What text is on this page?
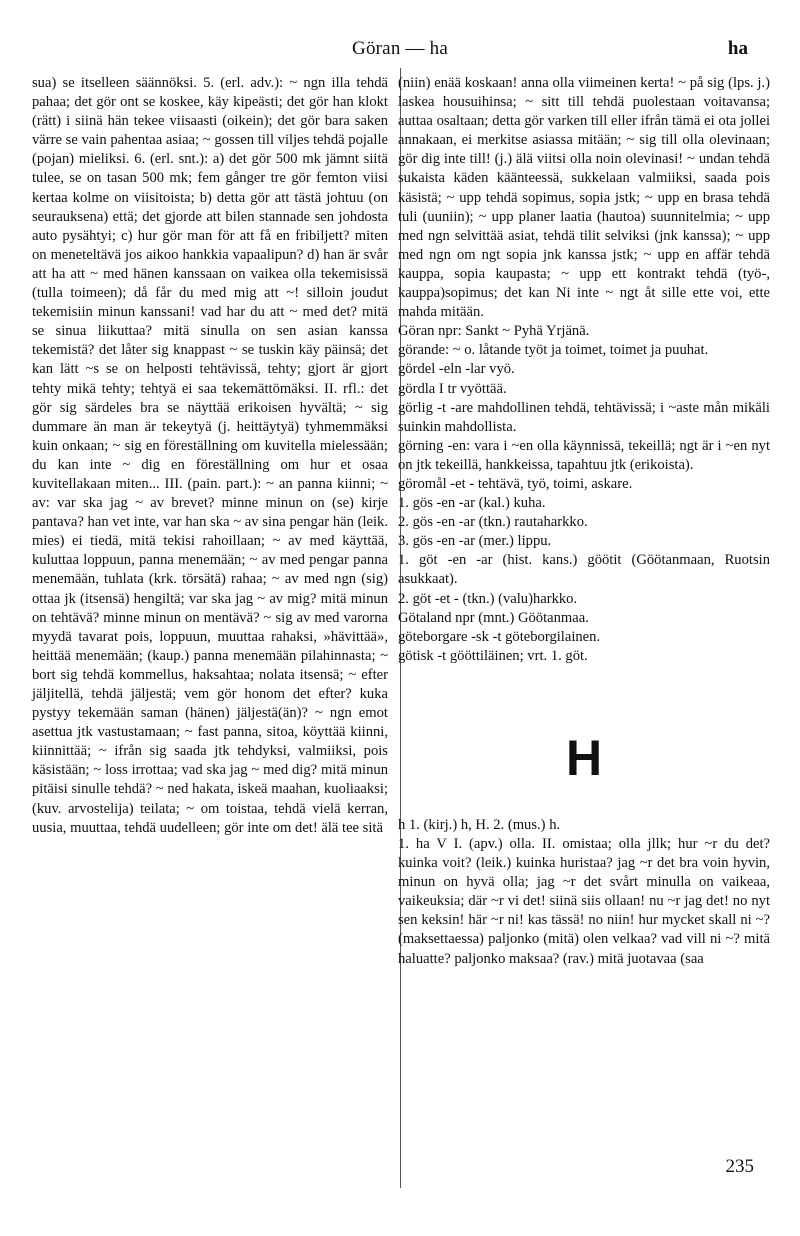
Göran — ha	ha

sua) se itselleen säännöksi. 5. (erl. adv.): ~ ngn illa tehdä pahaa; det gör ont se koskee, käy kipeästi; det gör han klokt (rätt) i siinä hän tekee viisaasti (oikein); det gör bara saken värre se vain pahentaa asiaa; ~ gossen till viljes tehdä pojalle (pojan) mieliksi. 6. (erl. snt.): a) det gör 500 mk jämnt siitä tulee, se on tasan 500 mk; fem gånger tre gör femton viisi kertaa kolme on viisitoista; b) detta gör att tästä johtuu (on seurauksena) että; det gjorde att bilen stannade sen johdosta auto pysähtyi; c) hur gör man för att få en fribiljett? miten on meneteltävä jos aikoo hankkia vapaalipun? d) han är svår att ha att ~ med hänen kanssaan on vaikea olla tekemisissä (tulla toimeen); då får du med mig att ~! silloin joudut tekemisiin minun kanssani! vad har du att ~ med det? mitä se sinua liikuttaa? mitä sinulla on sen asian kanssa tekemistä? det låter sig knappast ~ se tuskin käy päinsä; det kan lätt ~s se on helposti tehtävissä, tehty; gjort är gjort tehty mikä tehty; tehtyä ei saa tekemättömäksi. II. rfl.: det gör sig särdeles bra se näyttää erikoisen hyvältä; ~ sig dummare än man är tekeytyä (j. heittäytyä) tyhmemmäksi kuin onkaan; ~ sig en föreställning om kuvitella mielessään; du kan inte ~ dig en föreställning om hur et osaa kuvitellakaan miten... III. (pain. part.): ~ an panna kiinni; ~ av: var ska jag ~ av brevet? minne minun on (se) kirje pantava? han vet inte, var han ska ~ av sina pengar hän (leik. mies) ei tiedä, mitä tekisi rahoillaan; ~ av med käyttää, kuluttaa loppuun, panna menemään; ~ av med pengar panna menemään, tuhlata (krk. törsätä) rahaa; ~ av med ngn (sig) ottaa jk (itsensä) hengiltä; var ska jag ~ av mig? mitä minun on tehtävä? minne minun on mentävä? ~ sig av med varorna myydä tavarat pois, loppuun, muuttaa rahaksi, »hävittää», heittää menemään; (kaup.) panna menemään pilahinnasta; ~ bort sig tehdä kommellus, haksahtaa; nolata itsensä; ~ efter jäljitellä, tehdä jäljestä; vem gör honom det efter? kuka pystyy tekemään saman (hänen) jäljestä(än)? ~ ngn emot asettua jtk vastustamaan; ~ fast panna, sitoa, köyttää kiinni, kiinnittää; ~ ifrån sig saada jtk tehdyksi, valmiiksi, pois käsistään; ~ loss irrottaa; vad ska jag ~ med dig? mitä minun pitäisi sinulle tehdä? ~ ned hakata, iskeä maahan, kuoliaaksi; (kuv. arvostelija) teilata; ~ om toistaa, tehdä vielä kerran, uusia, muuttaa, tehdä uudelleen; gör inte om det! älä tee sitä

(niin) enää koskaan! anna olla viimeinen kerta! ~ på sig (lps. j.) laskea housuihinsa; ~ sitt till tehdä puolestaan voitavansa; auttaa osaltaan; detta gör varken till eller ifrån tämä ei ota jollei annakaan, ei merkitse asiassa mitään; ~ sig till olla olevinaan; gör dig inte till! (j.) älä viitsi olla noin olevinasi! ~ undan tehdä sukaista käden käänteessä, sukkelaan valmiiksi, saada pois käsistä; ~ upp tehdä sopimus, sopia jstk; ~ upp en brasa tehdä tuli (uuniin); ~ upp planer laatia (hautoa) suunnitelmia; ~ upp med ngn selvittää asiat, tehdä tilit selviksi (jnk kanssa); ~ upp med ngn om ngt sopia jnk kanssa jstk; ~ upp en affär tehdä kauppa, sopia kaupasta; ~ upp ett kontrakt tehdä (työ-, kauppa)sopimus; det kan Ni inte ~ ngt åt sille ette voi, ette mahda mitään.

Göran npr: Sankt ~ Pyhä Yrjänä.

görande: ~ o. låtande työt ja toimet, toimet ja puuhat.

gördel -eln -lar vyö.

gördla I tr vyöttää.

görlig -t -are mahdollinen tehdä, tehtävissä; i ~aste mån mikäli suinkin mahdollista.

görning -en: vara i ~en olla käynnissä, tekeillä; ngt är i ~en nyt on jtk tekeillä, hankkeissa, tapahtuu jtk (erikoista).

göromål -et - tehtävä, työ, toimi, askare.

1. gös -en -ar (kal.) kuha.

2. gös -en -ar (tkn.) rautaharkko.

3. gös -en -ar (mer.) lippu.

1. göt -en -ar (hist. kans.) göötit (Göötanmaan, Ruotsin asukkaat).

2. göt -et - (tkn.) (valu)harkko.

Götaland npr (mnt.) Göötanmaa.

göteborgare -sk -t göteborgilainen.

götisk -t gööttiläinen; vrt. 1. göt.

H

h 1. (kirj.) h, H. 2. (mus.) h.

1. ha V I. (apv.) olla. II. omistaa; olla jllk; hur ~r du det? kuinka voit? (leik.) kuinka huristaa? jag ~r det bra voin hyvin, minun on hyvä olla; jag ~r det svårt minulla on vaikeaa, vaikeuksia; där ~r vi det! siinä siis ollaan! nu ~r jag det! no nyt sen keksin! här ~r ni! kas tässä! no niin! hur mycket skall ni ~? (maksettaessa) paljonko (mitä) olen velkaa? vad vill ni ~? mitä haluatte? paljonko maksaa? (rav.) mitä juotavaa (saa

235
